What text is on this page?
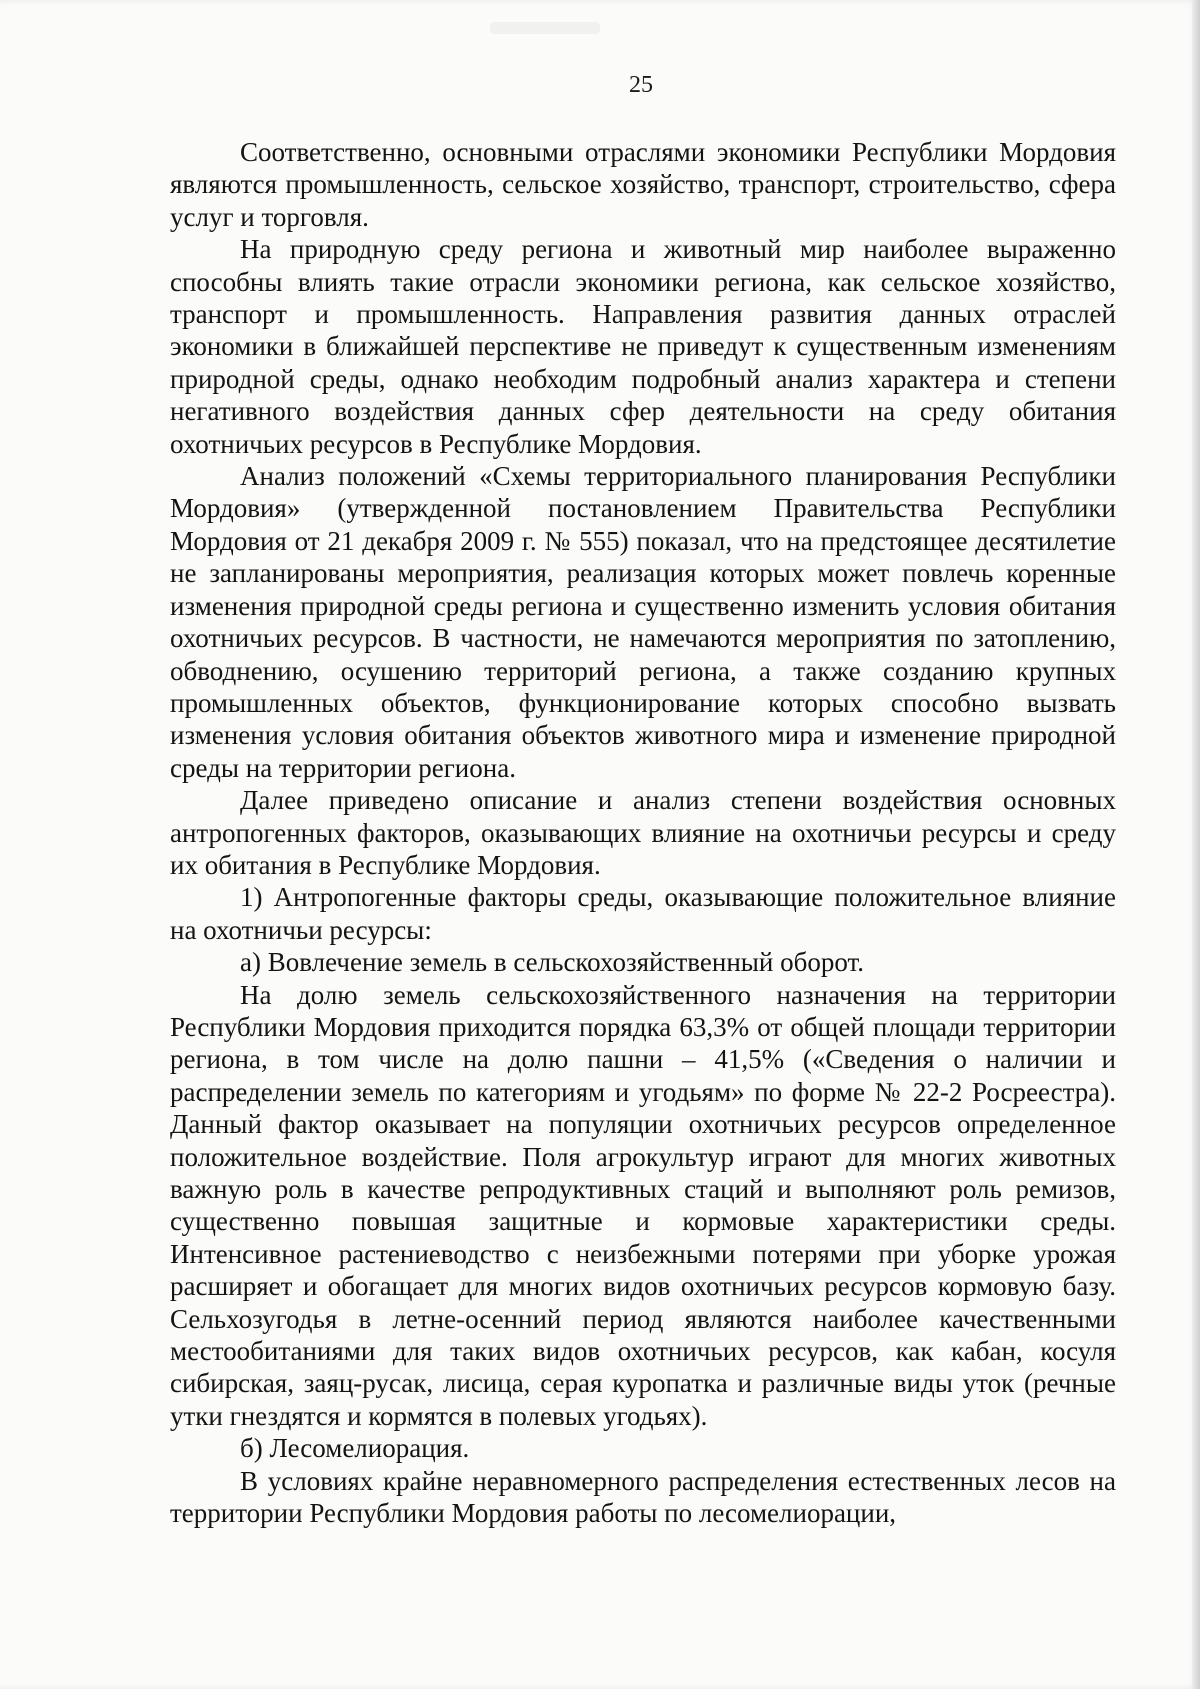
25

Соответственно, основными отраслями экономики Республики Мордовия являются промышленность, сельское хозяйство, транспорт, строительство, сфера услуг и торговля.

На природную среду региона и животный мир наиболее выраженно способны влиять такие отрасли экономики региона, как сельское хозяйство, транспорт и промышленность. Направления развития данных отраслей экономики в ближайшей перспективе не приведут к существенным изменениям природной среды, однако необходим подробный анализ характера и степени негативного воздействия данных сфер деятельности на среду обитания охотничьих ресурсов в Республике Мордовия.

Анализ положений «Схемы территориального планирования Республики Мордовия» (утвержденной постановлением Правительства Республики Мордовия от 21 декабря 2009 г. № 555) показал, что на предстоящее десятилетие не запланированы мероприятия, реализация которых может повлечь коренные изменения природной среды региона и существенно изменить условия обитания охотничьих ресурсов. В частности, не намечаются мероприятия по затоплению, обводнению, осушению территорий региона, а также созданию крупных промышленных объектов, функционирование которых способно вызвать изменения условия обитания объектов животного мира и изменение природной среды на территории региона.

Далее приведено описание и анализ степени воздействия основных антропогенных факторов, оказывающих влияние на охотничьи ресурсы и среду их обитания в Республике Мордовия.

1) Антропогенные факторы среды, оказывающие положительное влияние на охотничьи ресурсы:

а) Вовлечение земель в сельскохозяйственный оборот.

На долю земель сельскохозяйственного назначения на территории Республики Мордовия приходится порядка 63,3% от общей площади территории региона, в том числе на долю пашни – 41,5% («Сведения о наличии и распределении земель по категориям и угодьям» по форме № 22-2 Росреестра). Данный фактор оказывает на популяции охотничьих ресурсов определенное положительное воздействие. Поля агрокультур играют для многих животных важную роль в качестве репродуктивных стаций и выполняют роль ремизов, существенно повышая защитные и кормовые характеристики среды. Интенсивное растениеводство с неизбежными потерями при уборке урожая расширяет и обогащает для многих видов охотничьих ресурсов кормовую базу. Сельхозугодья в летне-осенний период являются наиболее качественными местообитаниями для таких видов охотничьих ресурсов, как кабан, косуля сибирская, заяц-русак, лисица, серая куропатка и различные виды уток (речные утки гнездятся и кормятся в полевых угодьях).

б) Лесомелиорация.

В условиях крайне неравномерного распределения естественных лесов на территории Республики Мордовия работы по лесомелиорации,
